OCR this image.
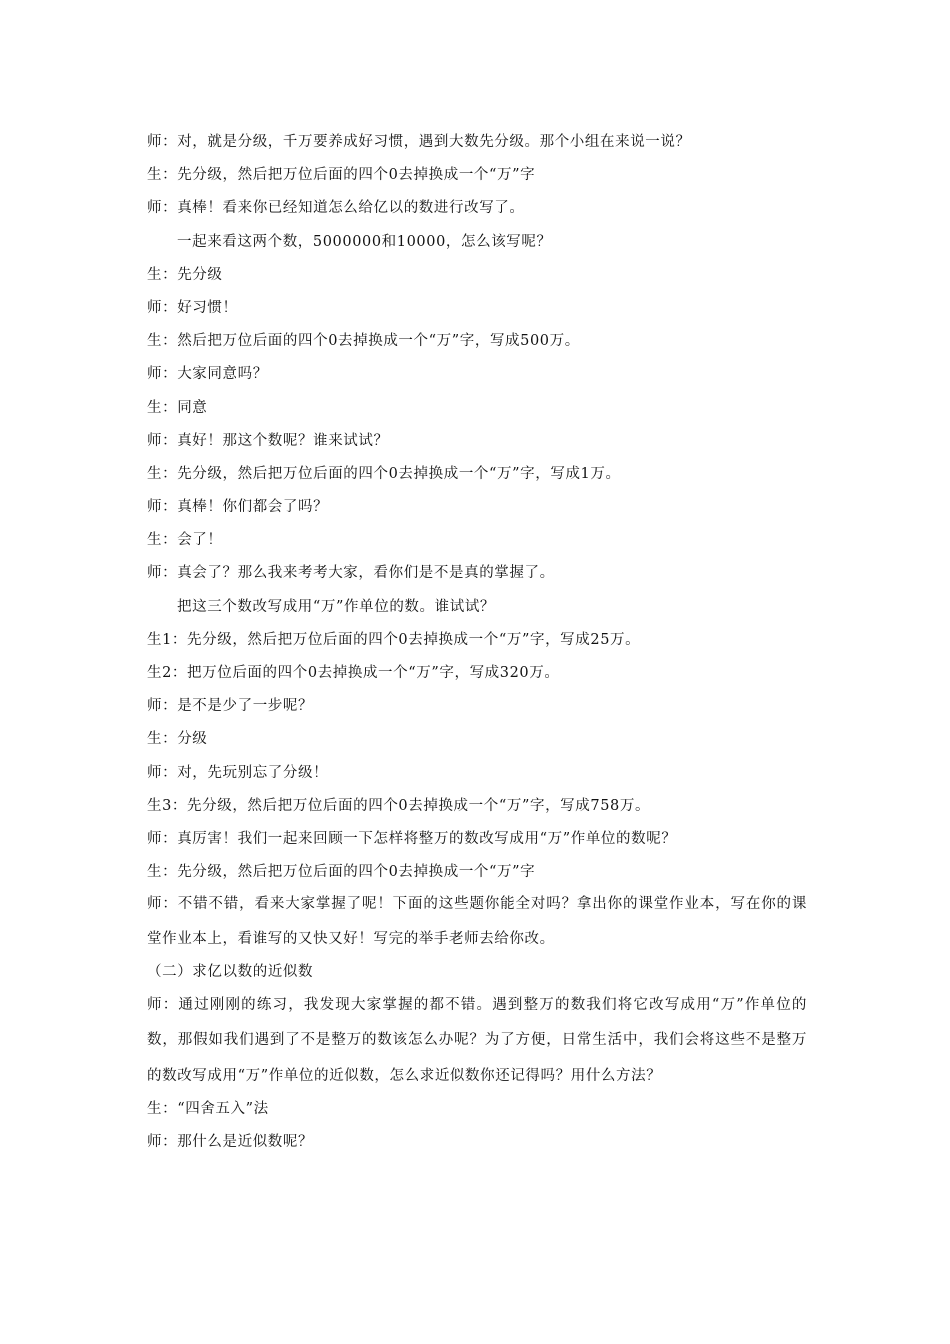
师：对，就是分级，千万要养成好习惯，遇到大数先分级。那个小组在来说一说？
生：先分级，然后把万位后面的四个0去掉换成一个“万”字
师：真棒！看来你已经知道怎么给亿以的数进行改写了。
一起来看这两个数，5000000和10000，怎么该写呢？
生：先分级
师：好习惯！
生：然后把万位后面的四个0去掉换成一个“万”字，写成500万。
师：大家同意吗？
生：同意
师：真好！那这个数呢？谁来试试？
生：先分级，然后把万位后面的四个0去掉换成一个“万”字，写成1万。
师：真棒！你们都会了吗？
生：会了！
师：真会了？那么我来考考大家，看你们是不是真的掌握了。
把这三个数改写成用“万”作单位的数。谁试试？
生1：先分级，然后把万位后面的四个0去掉换成一个“万”字，写成25万。
生2：把万位后面的四个0去掉换成一个“万”字，写成320万。
师：是不是少了一步呢？
生：分级
师：对，先玩别忘了分级！
生3：先分级，然后把万位后面的四个0去掉换成一个“万”字，写成758万。
师：真厉害！我们一起来回顾一下怎样将整万的数改写成用“万”作单位的数呢？
生：先分级，然后把万位后面的四个0去掉换成一个“万”字
师：不错不错，看来大家掌握了呢！下面的这些题你能全对吗？拿出你的课堂作业本，写在你的课堂作业本上，看谁写的又快又好！写完的举手老师去给你改。
（二）求亿以数的近似数
师：通过刚刚的练习，我发现大家掌握的都不错。遇到整万的数我们将它改写成用“万”作单位的数，那假如我们遇到了不是整万的数该怎么办呢？为了方便，日常生活中，我们会将这些不是整万的数改写成用“万”作单位的近似数，怎么求近似数你还记得吗？用什么方法？
生：“四舍五入”法
师：那什么是近似数呢？
